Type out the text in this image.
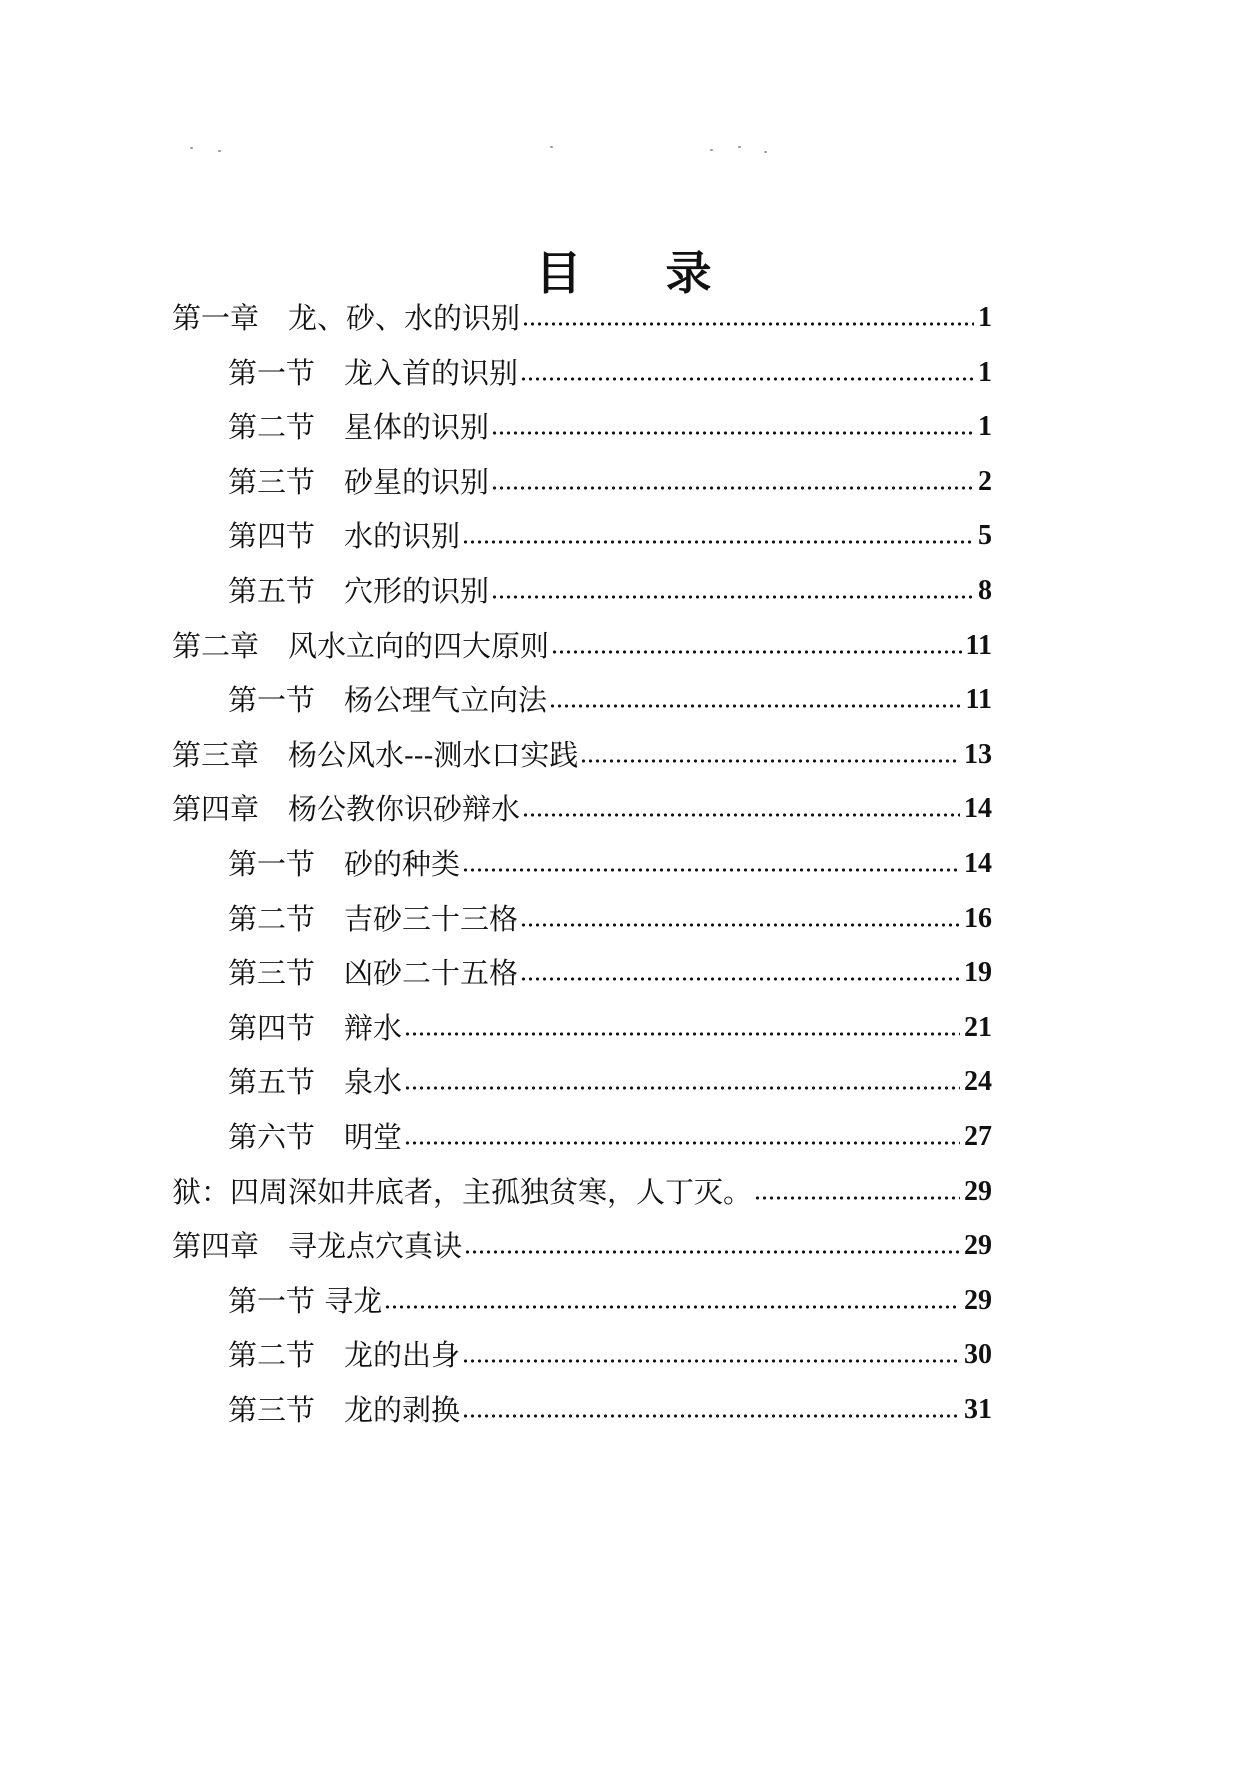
目 录
第一章　龙、砂、水的识别	1
第一节　龙入首的识别	1
第二节　星体的识别	1
第三节　砂星的识别	2
第四节　水的识别	5
第五节　穴形的识别	8
第二章　风水立向的四大原则	11
第一节　杨公理气立向法	11
第三章　杨公风水---测水口实践	13
第四章　杨公教你识砂辩水	14
第一节　砂的种类	14
第二节　吉砂三十三格	16
第三节　凶砂二十五格	19
第四节　辩水	21
第五节　泉水	24
第六节　明堂	27
狱：四周深如井底者，主孤独贫寒，人丁灭。	29
第四章　寻龙点穴真诀	29
第一节 寻龙	29
第二节　龙的出身	30
第三节　龙的剥换	31
